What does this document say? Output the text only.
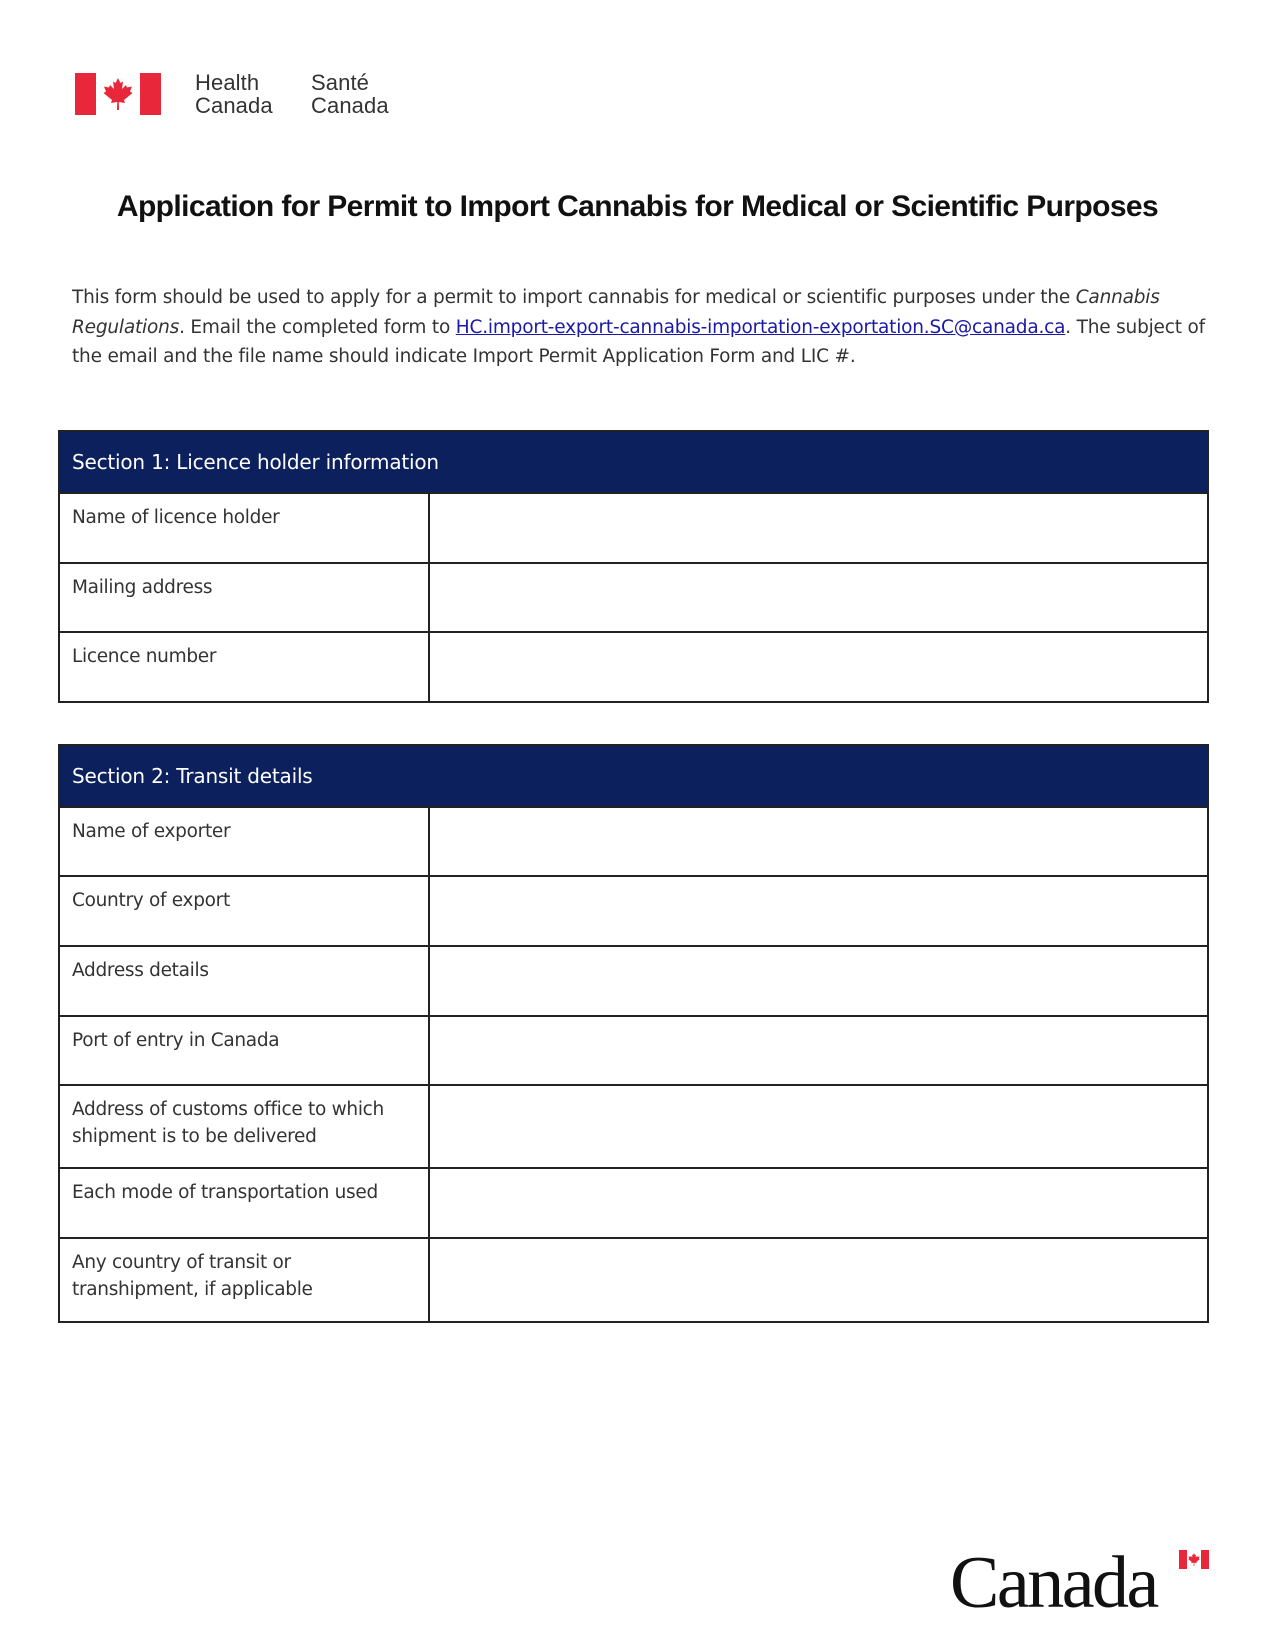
Health
Canada
Santé
Canada
Application for Permit to Import Cannabis for Medical or Scientific Purposes

This form should be used to apply for a permit to import cannabis for medical or scientific purposes under the Cannabis Regulations. Email the completed form to HC.import-export-cannabis-importation-exportation.SC@canada.ca. The subject of the email and the file name should indicate Import Permit Application Form and LIC #.

Section 1: Licence holder information
Name of licence holder
Mailing address
Licence number
Section 2: Transit details
Name of exporter
Country of export
Address details
Port of entry in Canada
Address of customs office to which shipment is to be delivered
Each mode of transportation used
Any country of transit or transhipment, if applicable
Canada
